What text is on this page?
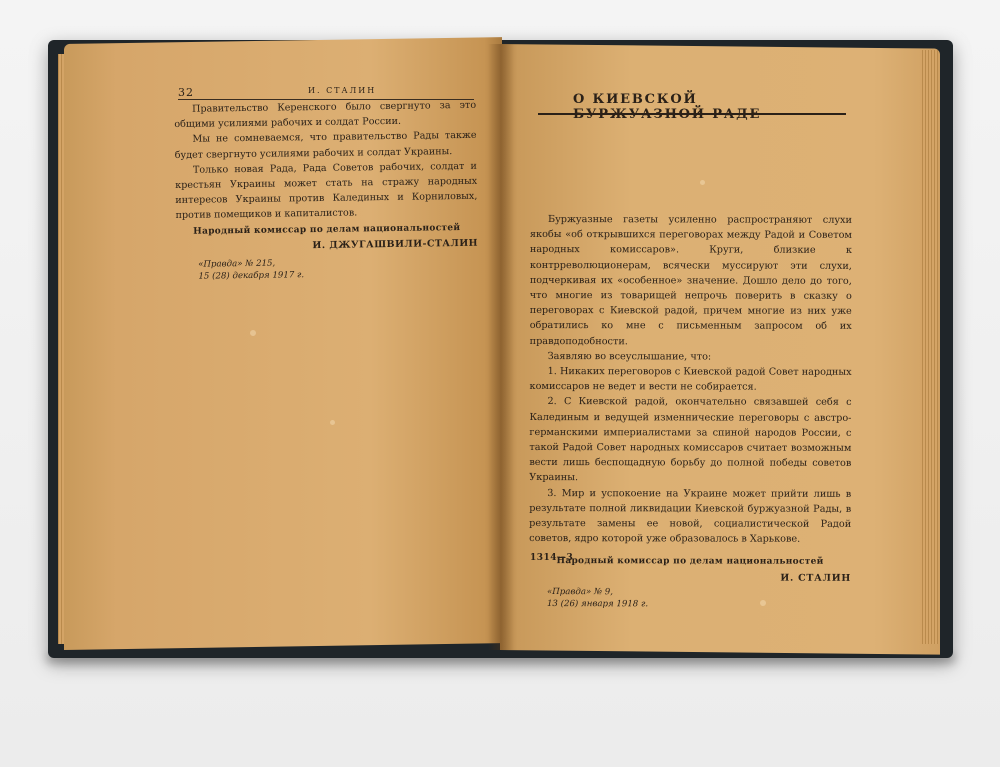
32	И. СТАЛИН

Правительство Керенского было свергнуто за это общими усилиями рабочих и солдат России.

Мы не сомневаемся, что правительство Рады также будет свергнуто усилиями рабочих и солдат Украины.

Только новая Рада, Рада Советов рабочих, солдат и крестьян Украины может стать на стражу народных интересов Украины против Калединых и Корниловых, против помещиков и капиталистов.

Народный комиссар по делам национальностей

И. ДЖУГАШВИЛИ-СТАЛИН

«Правда» № 215,

15 (28) декабря 1917 г.

О КИЕВСКОЙ

Буржуазные газеты усиленно распространяют слухи якобы «об открывшихся переговорах между Радой и Советом народных комиссаров». Круги, близкие к контрреволюционерам, всячески муссируют эти слухи, подчеркивая их «особенное» значение. Дошло дело до того, что многие из товарищей непрочь поверить в сказку о переговорах с Киевской радой, причем многие из них уже обратились ко мне с письменным запросом об их правдоподобности.

Заявляю во всеуслышание, что:

1. Никаких переговоров с Киевской радой Совет народных комиссаров не ведет и вести не собирается.

2. С Киевской радой, окончательно связавшей себя с Калединым и ведущей изменнические переговоры с австро-германскими империалистами за спиной народов России, с такой Радой Совет народных комиссаров считает возможным вести лишь беспощадную борьбу до полной победы советов Украины.

3. Мир и успокоение на Украине может прийти лишь в результате полной ликвидации Киевской буржуазной Рады, в результате замены ее новой, социалистической Радой советов, ядро которой уже образовалось в Харькове.

Народный комиссар по делам национальностей

И. СТАЛИН

«Правда» № 9,

13 (26) января 1918 г.

1314—3
